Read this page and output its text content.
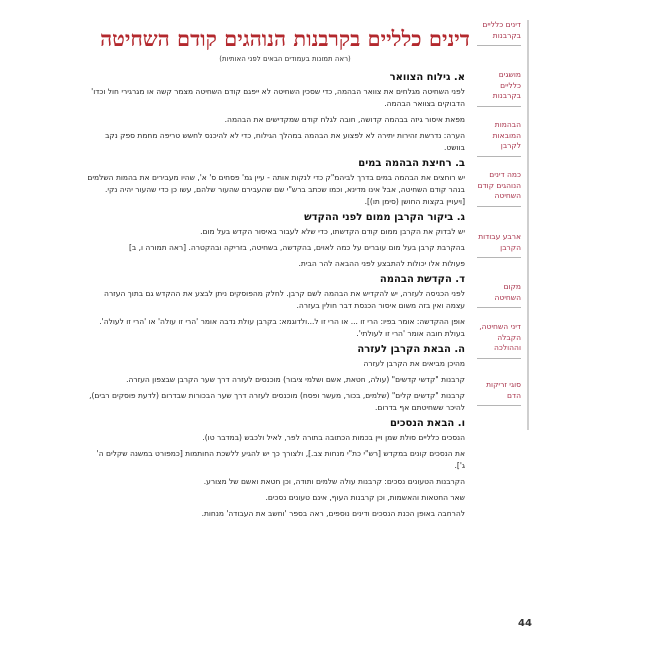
דינים כלליים בקרבנות הנוהגים קודם השחיטה
(ראה תמונות בעמודים הבאים לפני האותיות)
א. גילוח הצוואר

לפני השחיטה מגלחים את צוואר הבהמה, כדי שסכין השחיטה לא ייפגם קודם השחיטה מצמר קשה או מגרגירי חול וכדו' הדבוקים בצוואר הבהמה.

מפאת איסור גיזה בבהמה קדושה, חובה לגלח קודם שמקדישים את הבהמה.

הערה: נדרשת זהירות יתירה לא לפצוע את הבהמה במהלך הגילוח, כדי לא להיכנס לחשש טריפה מחמת ספק נקב בוושט.

ב. רחיצת הבהמה במים

יש רוחצים את הבהמה במים בדרך לביהמ"ק כדי לנקות אותה - עיין גמ' פסחים ס' א', שהיו מעבירים את בהמות השלמים בנהר קודם השחיטה, אבל אינו מדינא, וכמו שכתב ברש"י שם שהעבירם שהעור שלהם, עשו כן כדי שהעור יהיה נקי. [ויעויין בקצות החושן (סימן תו)].

ג. ביקור הקרבן ממום לפני ההקדש

יש לבדוק את הקרבן ממום קודם הקדשתו, כדי שלא לעבור באיסור הקדש בעל מום.

בהקרבת קרבן בעל מום עוברים על כמה לאוים, בהקדשה, בשחיטה, בזריקה ובהקטרה. [ראה תמורה ו, ב]

פעולות אלו יכולות להתבצע לפני ההבאה להר הבית.

ד. הקדשת הבהמה

לפני הכניסה לעזרה, יש להקדיש את הבהמה לשם קרבן. לחלק מהפוסקים ניתן לבצע את ההקדש גם בתוך העזרה עצמה ואין בזה משום איסור הכנסת דבר חולין בעזרה.

אופן ההקדשה: אומר בפיו: הרי זו ... או הרי זו ל...ולדוגמא: בקרבן עולת נדבה אומר 'הרי זו עולה' או 'הרי זו לעולה'. בעולת חובה אומר 'הרי זו לעולתי'.

ה. הבאת הקרבן לעזרה

מהיכן מביאים את הקרבן לעזרה

קרבנות "קדשי קדשים" (עולה, חטאת, אשם ושלמי ציבור) מוכנסים לעזרה דרך שער הקרבן שבצפון העזרה.

קרבנות "קדשים קלים" (שלמים, בכור, מעשר ופסח) מוכנסים לעזרה דרך שער הבכורות שבדרום (לדעת פוסקים רבים), להיכר ששחיטתם אף בדרום.

ו. הבאת הנסכים

הנסכים כלליים סולת שמן ויין בכמות הכתובה בתורה לפר, לאיל ולכבש (במדבר טו).

את הנסכים קונים במקדש [רש"י כת"י מנחות צב.], ולצורך כך יש להגיע ללשכת החותמות [כמפורט במשנה שקלים ה' ג'].

הקרבנות הטעונים נסכים: קרבנות עולה שלמים ותודה, וכן חטאת ואשם של מצורע.

שאר החטאות והאשמות, וכן קרבנות העוף, אינם טעונים נסכים.

להרחבה באופן הכנת הנסכים ודינים נוספים, ראה בספר 'וחשב את העבודה' מנחות.

דינים כלליים בקרבנות
מושגים כלליים בקרבנות
הבהמות המובאות לקרבן
כמה דינים הנוהגים קודם השחיטה
ארבע עבודות הקרבן
מקום השחיטה
דיני השחיטה, הקבלה וההולכה
סוגי זריקות הדם
44
